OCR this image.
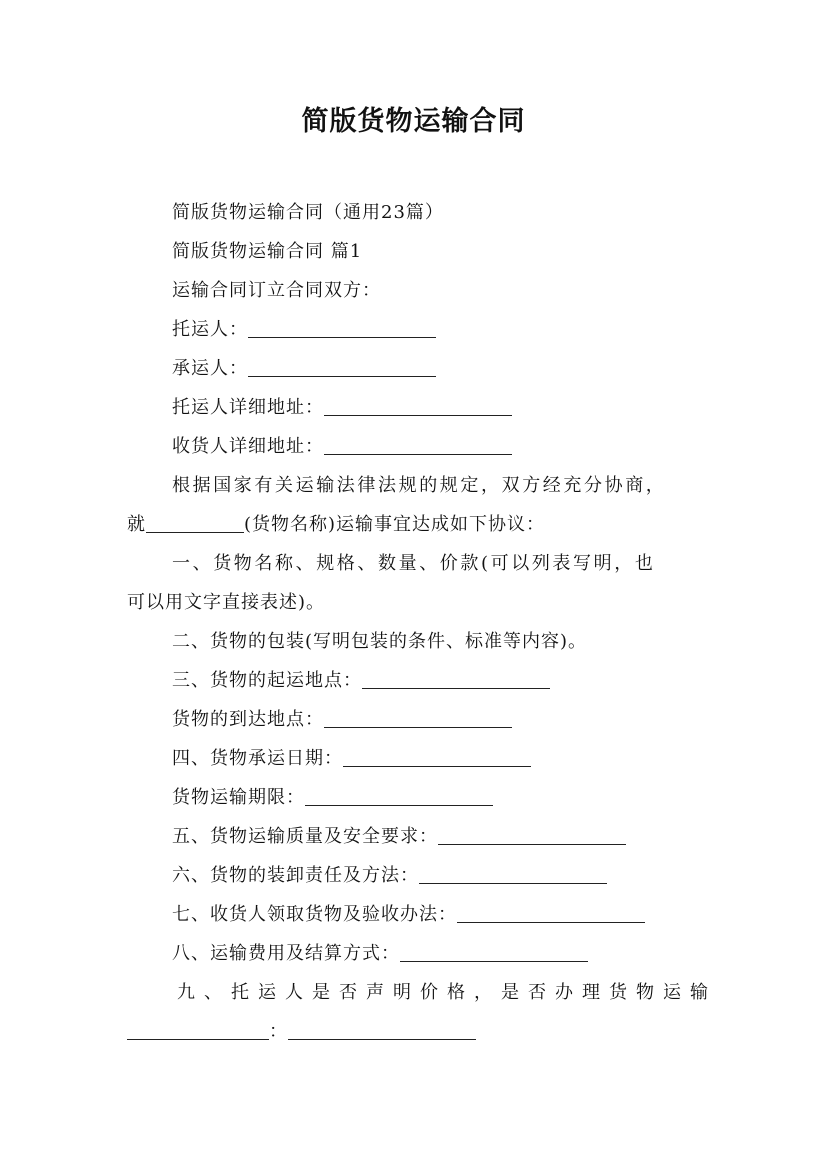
简版货物运输合同
简版货物运输合同（通用23篇）
简版货物运输合同 篇1
运输合同订立合同双方：
托运人：
承运人：
托运人详细地址：
收货人详细地址：
根据国家有关运输法律法规的规定，双方经充分协商，
就	(货物名称)运输事宜达成如下协议：
一、货物名称、规格、数量、价款(可以列表写明，也
可以用文字直接表述)。
二、货物的包装(写明包装的条件、标准等内容)。
三、货物的起运地点：
货物的到达地点：
四、货物承运日期：
货物运输期限：
五、货物运输质量及安全要求：
六、货物的装卸责任及方法：
七、收货人领取货物及验收办法：
八、运输费用及结算方式：
九、托运人是否声明价格，是否办理货物运输
：
